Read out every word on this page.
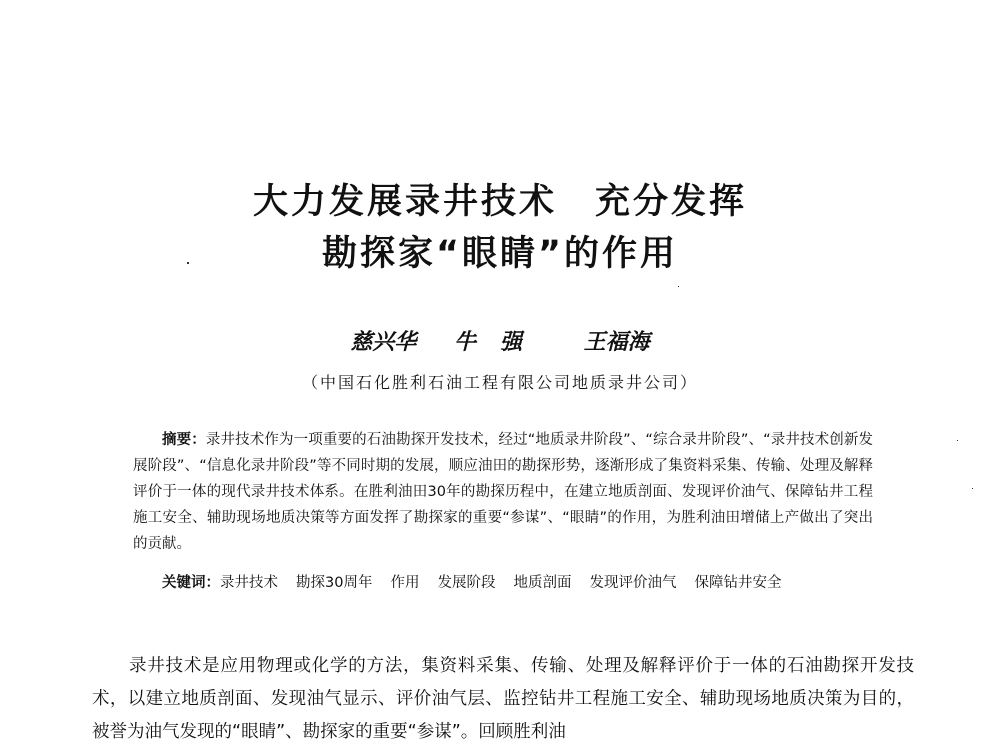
大力发展录井技术　充分发挥
勘探家“眼睛”的作用
慈兴华 牛强 王福海
（中国石化胜利石油工程有限公司地质录井公司）
摘要：录井技术作为一项重要的石油勘探开发技术，经过“地质录井阶段”、“综合录井阶段”、“录井技术创新发展阶段”、“信息化录井阶段”等不同时期的发展，顺应油田的勘探形势，逐渐形成了集资料采集、传输、处理及解释评价于一体的现代录井技术体系。在胜利油田30年的勘探历程中，在建立地质剖面、发现评价油气、保障钻井工程施工安全、辅助现场地质决策等方面发挥了勘探家的重要“参谋”、“眼睛”的作用，为胜利油田增储上产做出了突出的贡献。
关键词：录井技术 勘探30周年 作用 发展阶段 地质剖面 发现评价油气 保障钻井安全
录井技术是应用物理或化学的方法，集资料采集、传输、处理及解释评价于一体的石油勘探开发技术，以建立地质剖面、发现油气显示、评价油气层、监控钻井工程施工安全、辅助现场地质决策为目的，被誉为油气发现的“眼睛”、勘探家的重要“参谋”。回顾胜利油
